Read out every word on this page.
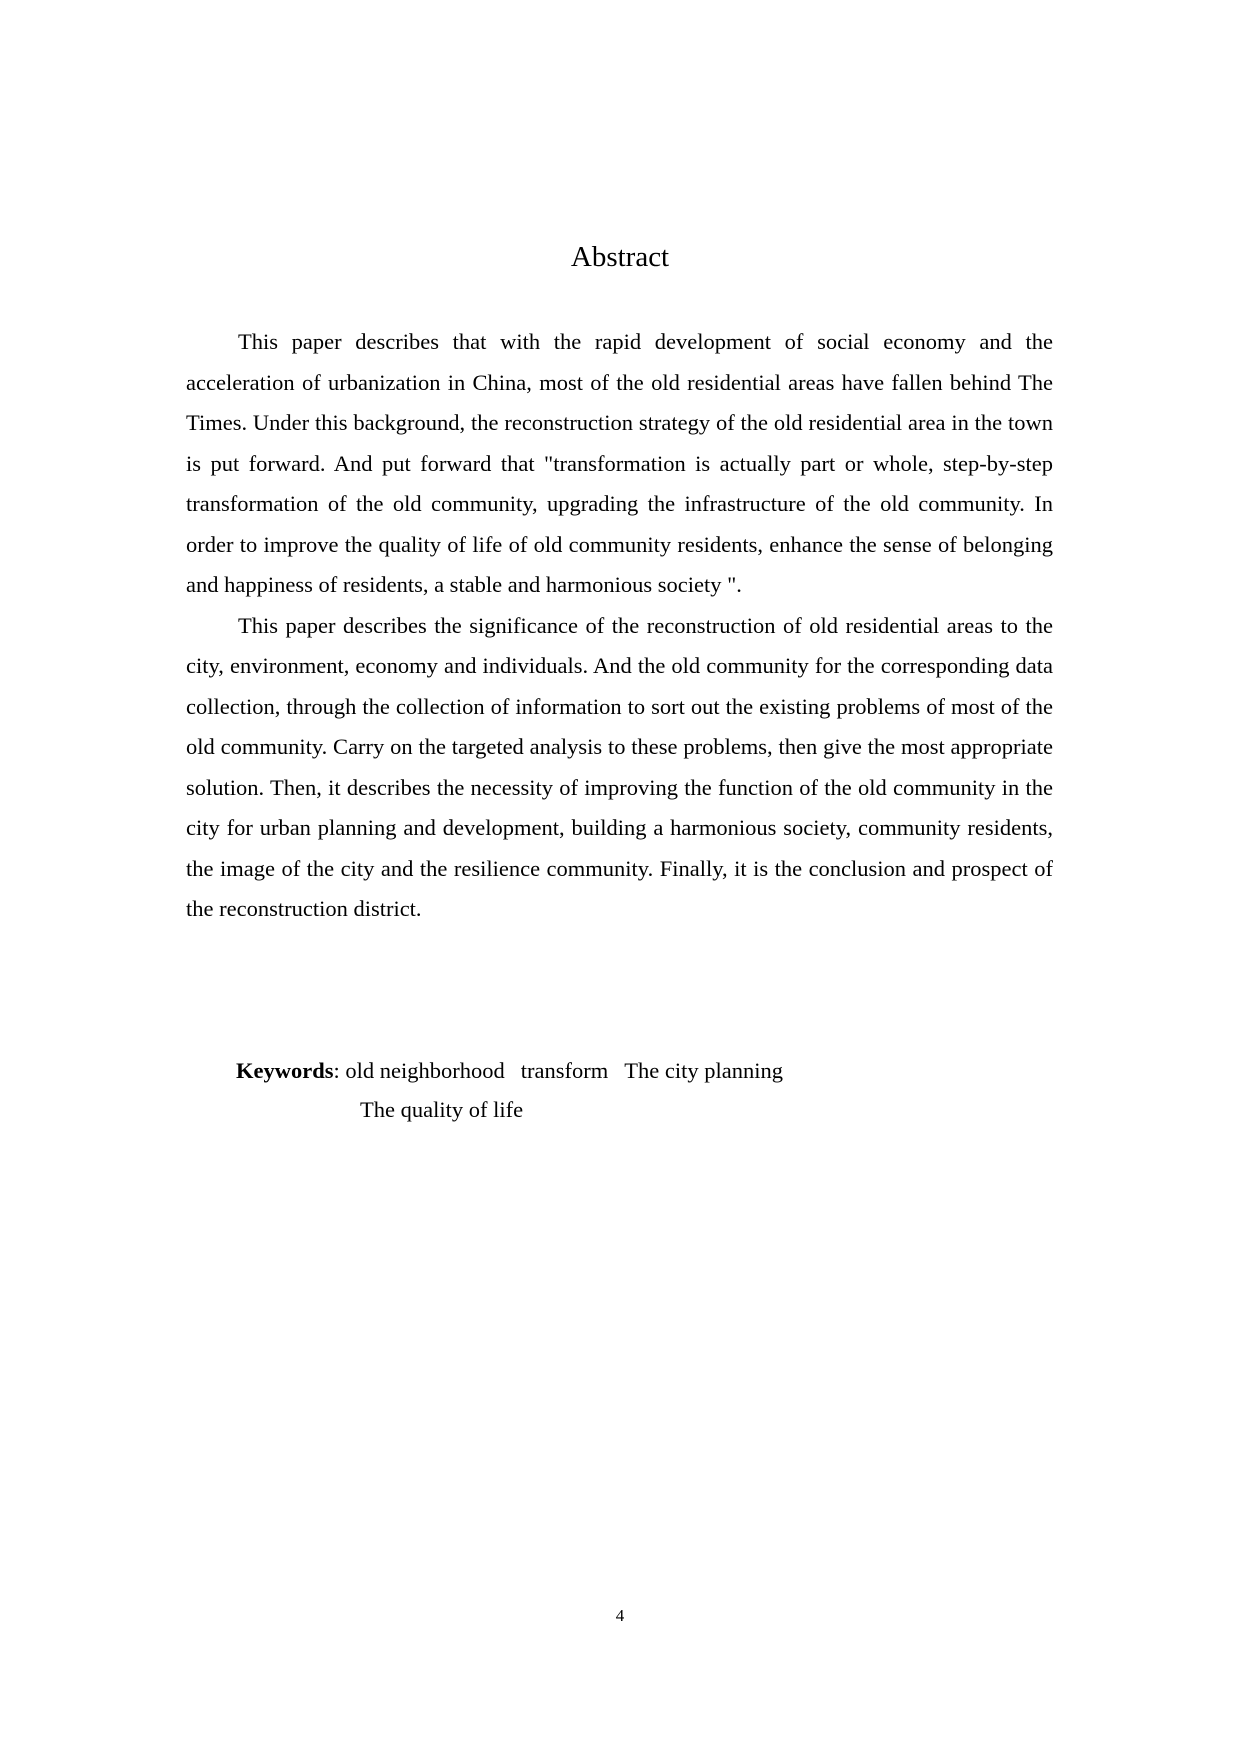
Abstract

This paper describes that with the rapid development of social economy and the acceleration of urbanization in China, most of the old residential areas have fallen behind The Times. Under this background, the reconstruction strategy of the old residential area in the town is put forward. And put forward that "transformation is actually part or whole, step-by-step transformation of the old community, upgrading the infrastructure of the old community. In order to improve the quality of life of old community residents, enhance the sense of belonging and happiness of residents, a stable and harmonious society ".

This paper describes the significance of the reconstruction of old residential areas to the city, environment, economy and individuals. And the old community for the corresponding data collection, through the collection of information to sort out the existing problems of most of the old community. Carry on the targeted analysis to these problems, then give the most appropriate solution. Then, it describes the necessity of improving the function of the old community in the city for urban planning and development, building a harmonious society, community residents, the image of the city and the resilience community. Finally, it is the conclusion and prospect of the reconstruction district.

Keywords: old neighborhood transform The city planning
The quality of life
4
